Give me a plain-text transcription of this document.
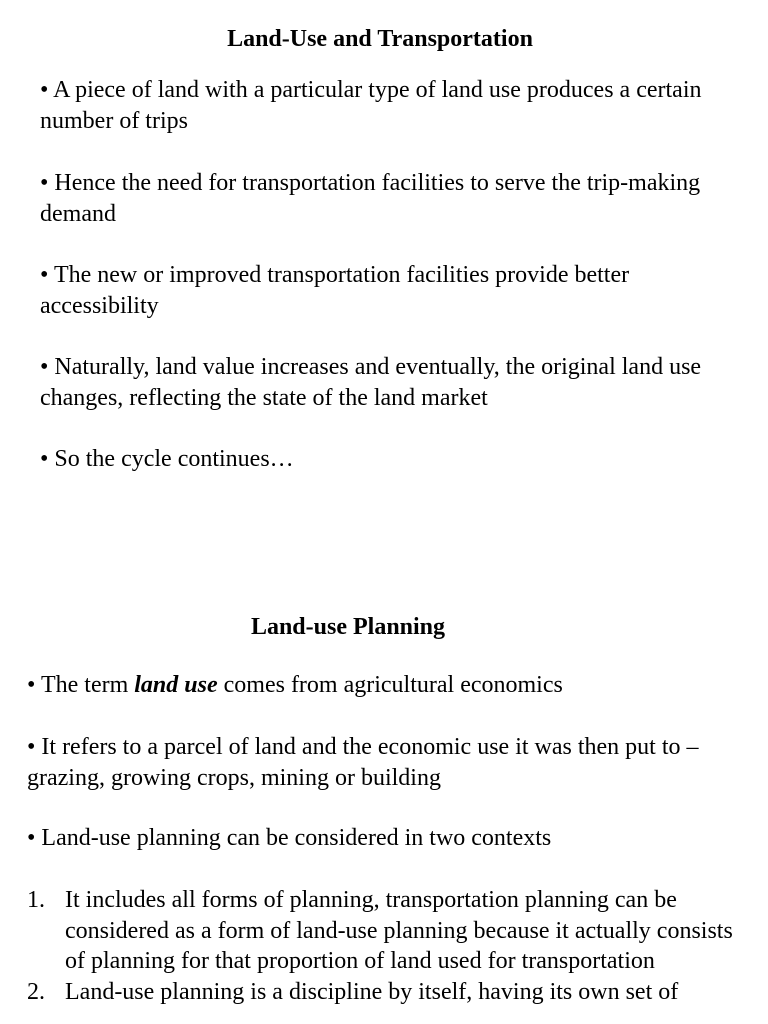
Land-Use and Transportation

• A piece of land with a particular type of land use produces a certain number of trips

• Hence the need for transportation facilities to serve the trip-making demand

• The new or improved transportation facilities provide better accessibility

• Naturally, land value increases and eventually, the original land use changes, reflecting the state of the land market

• So the cycle continues…

Land-use Planning

• The term land use comes from agricultural economics

• It refers to a parcel of land and the economic use it was then put to – grazing, growing crops, mining or building

• Land-use planning can be considered in two contexts

1. It includes all forms of planning, transportation planning can be considered as a form of land-use planning because it actually consists of planning for that proportion of land used for transportation
2. Land-use planning is a discipline by itself, having its own set of
